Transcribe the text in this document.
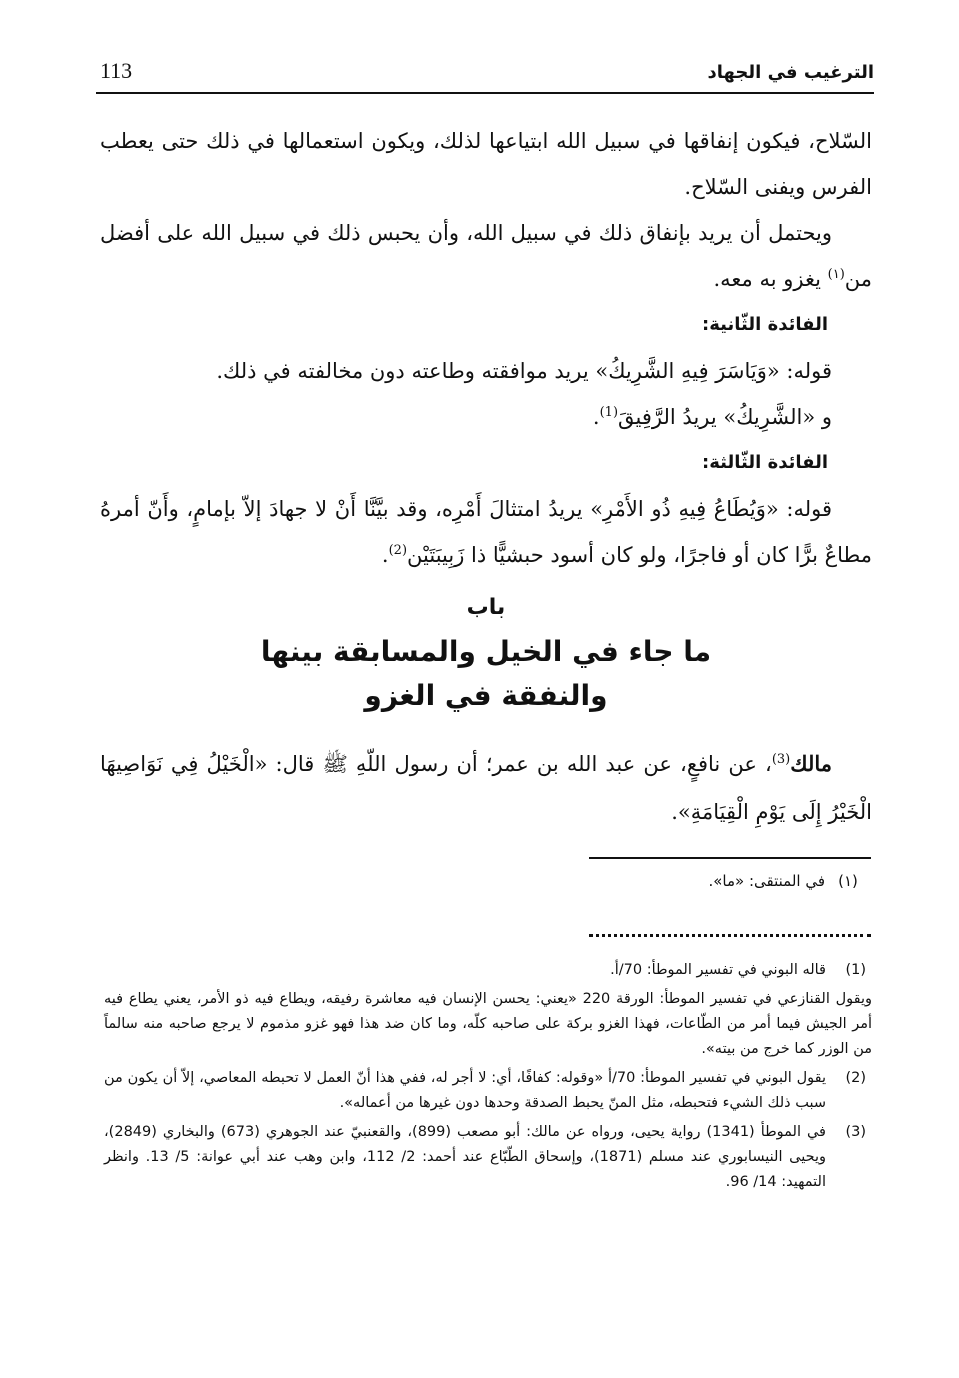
113	الترغيب في الجهاد

السّلاح، فيكون إنفاقها في سبيل الله ابتياعها لذلك، ويكون استعمالها في ذلك حتى يعطب الفرس ويفنى السّلاح.

ويحتمل أن يريد بإنفاق ذلك في سبيل الله، وأن يحبس ذلك في سبيل الله على أفضل من$^{(١)}$ يغزو به معه.

الفائدة الثّانية:

قوله: «وَيَاسَرَ فِيهِ الشَّرِيكُ» يريد موافقته وطاعته دون مخالفته في ذلك.

و «الشَّرِيكُ» يريدُ الرَّفِيقَ$^{(1)}$.

الفائدة الثّالثة:

قوله: «وَيُطَاعُ فِيهِ ذُو الأَمْرِ» يريدُ امتثالَ أَمْرِه، وقد بيَّنَّا أَنْ لا جهادَ إلاّ بإمامٍ، وأَنّ أمرهُ مطاعٌ برًّا كان أو فاجرًا، ولو كان أسود حبشيًّا ذا زَبِيبَتَيْن$^{(2)}$.

باب
ما جاء في الخيل والمسابقة بينها
والنفقة في الغزو

مالك$^{(3)}$، عن نافعٍ، عن عبد الله بن عمر؛ أن رسول اللّهِ ﷺ قال: «الْخَيْلُ فِي نَوَاصِيهَا الْخَيْرُ إِلَى يَوْمِ الْقِيَامَةِ».

(١)في المنتقى: «ما».
(1)
قاله البوني في تفسير الموطأ: 70/أ.
ويقول القنازعي في تفسير الموطأ: الورقة 220 «يعني: يحسن الإنسان فيه معاشرة رفيقه، ويطاع فيه ذو الأمر، يعني يطاع فيه أمر الجيش فيما أمر من الطّاعات، فهذا الغزو بركة على صاحبه كلّه، وما كان ضد هذا فهو غزو مذموم لا يرجع صاحبه منه سالماً من الوزر كما خرج من بيته».
(2)
يقول البوني في تفسير الموطأ: 70/أ «وقوله: كفافًا، أي: لا أجر له، ففي هذا أنّ العمل لا تحبطه المعاصي، إلاّ أن يكون من سبب ذلك الشيء فتحبطه، مثل المنّ يحبط الصدقة وحدها دون غيرها من أعماله».
(3)
في الموطأ (1341) رواية يحيى، ورواه عن مالك: أبو مصعب (899)، والقعنبيّ عند الجوهري (673) والبخاري (2849)، ويحيى النيسابوري عند مسلم (1871)، وإسحاق الطّبّاع عند أحمد: 2/ 112، وابن وهب عند أبي عوانة: 5/ 13. وانظر التمهيد: 14/ 96.
